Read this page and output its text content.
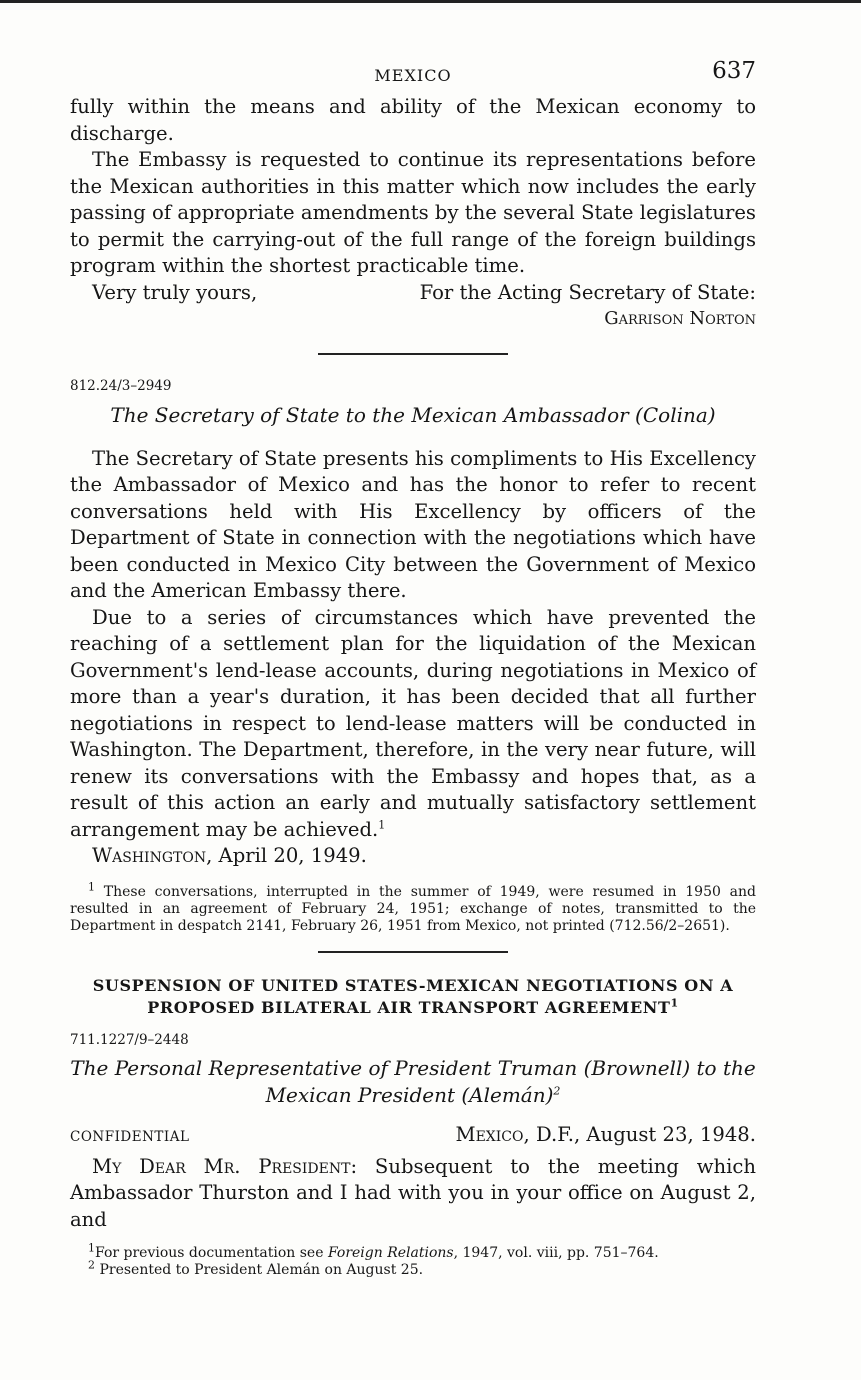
MEXICO	637

fully within the means and ability of the Mexican economy to discharge.

The Embassy is requested to continue its representations before the Mexican authorities in this matter which now includes the early passing of appropriate amendments by the several State legislatures to permit the carrying-out of the full range of the foreign buildings program within the shortest practicable time.

Very truly yours,	For the Acting Secretary of State:

Garrison Norton

812.24/3–2949

The Secretary of State to the Mexican Ambassador (Colina)

The Secretary of State presents his compliments to His Excellency the Ambassador of Mexico and has the honor to refer to recent conversations held with His Excellency by officers of the Department of State in connection with the negotiations which have been conducted in Mexico City between the Government of Mexico and the American Embassy there.

Due to a series of circumstances which have prevented the reaching of a settlement plan for the liquidation of the Mexican Government's lend-lease accounts, during negotiations in Mexico of more than a year's duration, it has been decided that all further negotiations in respect to lend-lease matters will be conducted in Washington. The Department, therefore, in the very near future, will renew its conversations with the Embassy and hopes that, as a result of this action an early and mutually satisfactory settlement arrangement may be achieved.$^1$

Washington, April 20, 1949.

$^1$ These conversations, interrupted in the summer of 1949, were resumed in 1950 and resulted in an agreement of February 24, 1951; exchange of notes, transmitted to the Department in despatch 2141, February 26, 1951 from Mexico, not printed (712.56/2–2651).

SUSPENSION OF UNITED STATES-MEXICAN NEGOTIATIONS ON A

PROPOSED BILATERAL AIR TRANSPORT AGREEMENT$^1$

711.1227/9–2448

The Personal Representative of President Truman (Brownell) to the

Mexican President (Alemán)$^2$

CONFIDENTIAL	Mexico, D.F., August 23, 1948.

My Dear Mr. President: Subsequent to the meeting which Ambassador Thurston and I had with you in your office on August 2, and

$^1$For previous documentation see Foreign Relations, 1947, vol. viii, pp. 751–764.

$^2$ Presented to President Alemán on August 25.
